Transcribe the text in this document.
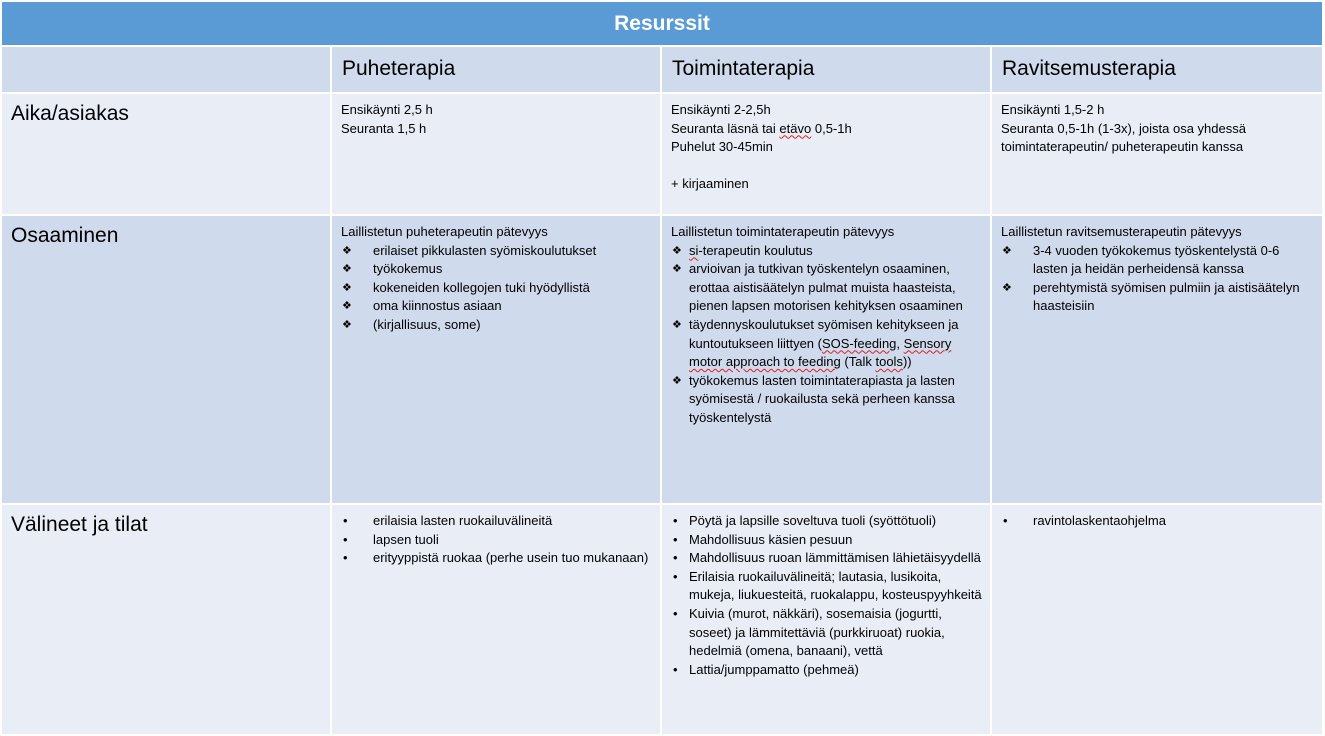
Resurssit
Puheterapia	Toimintaterapia	Ravitsemusterapia
Aika/asiakas	Ensikäynti 2,5 h

Seuranta 1,5 h

Ensikäynti 2-2,5h

Seuranta läsnä tai etävo 0,5-1h

Puhelut 30-45min

+ kirjaaminen

Ensikäynti 1,5-2 h

Seuranta 0,5-1h (1-3x), joista osa yhdessä toimintaterapeutin/ puheterapeutin kanssa

Osaaminen	Laillistetun puheterapeutin pätevyys

❖ erilaiset pikkulasten syömiskoulutukset
❖ työkokemus
❖ kokeneiden kollegojen tuki hyödyllistä
❖ oma kiinnostus asiaan
❖ (kirjallisuus, some)

Laillistetun toimintaterapeutin pätevyys

❖ si-terapeutin koulutus
❖ arvioivan ja tutkivan työskentelyn osaaminen, erottaa aistisäätelyn pulmat muista haasteista, pienen lapsen motorisen kehityksen osaaminen
❖ täydennyskoulutukset syömisen kehitykseen ja kuntoutukseen liittyen (SOS-feeding, Sensory motor approach to feeding (Talk tools))
❖ työkokemus lasten toimintaterapiasta ja lasten syömisestä / ruokailusta sekä perheen kanssa työskentelystä

Laillistetun ravitsemusterapeutin pätevyys

❖ 3-4 vuoden työkokemus työskentelystä 0-6 lasten ja heidän perheidensä kanssa
❖ perehtymistä syömisen pulmiin ja aistisäätelyn haasteisiin
Välineet ja tilat
•	erilaisia lasten ruokailuvälineitä
• lapsen tuoli
• erityyppistä ruokaa (perhe usein tuo mukanaan)
• Pöytä ja lapsille soveltuva tuoli (syöttötuoli)
• Mahdollisuus käsien pesuun
• Mahdollisuus ruoan lämmittämisen lähietäisyydellä
• Erilaisia ruokailuvälineitä; lautasia, lusikoita, mukeja, liukuesteitä, ruokalappu, kosteuspyyhkeitä
• Kuivia (murot, näkkäri), sosemaisia (jogurtti, soseet) ja lämmitettäviä (purkkiruoat) ruokia, hedelmiä (omena, banaani), vettä
• Lattia/jumppamatto (pehmeä)
• ravintolaskentaohjelma
